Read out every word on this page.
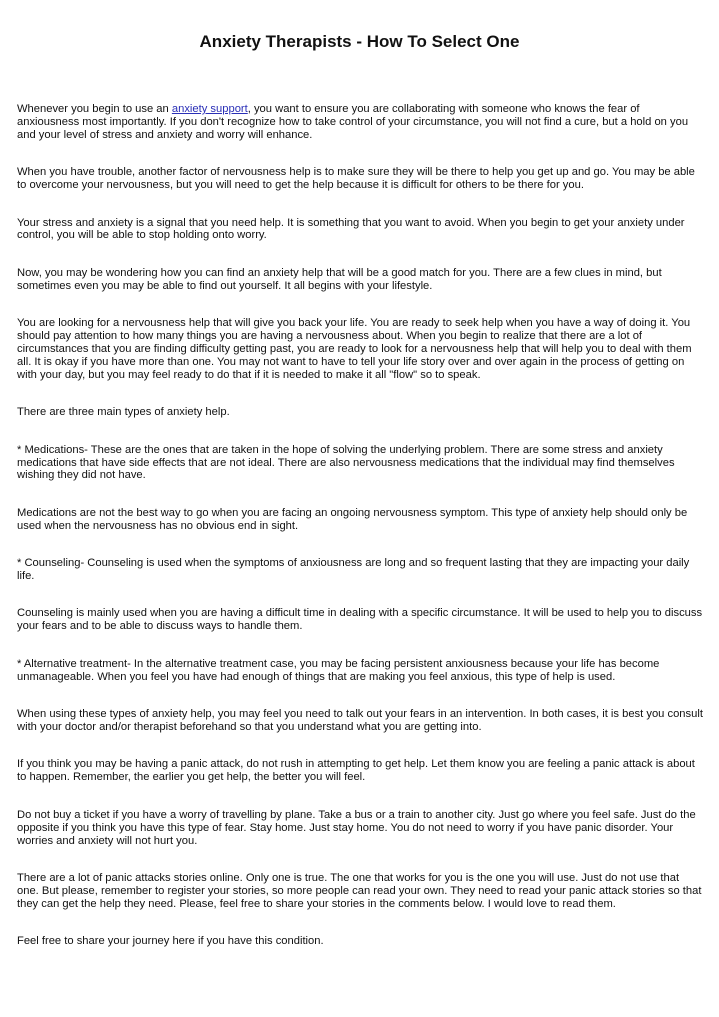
Anxiety Therapists - How To Select One

Whenever you begin to use an anxiety support, you want to ensure you are collaborating with someone who knows the fear of anxiousness most importantly. If you don't recognize how to take control of your circumstance, you will not find a cure, but a hold on you and your level of stress and anxiety and worry will enhance.

When you have trouble, another factor of nervousness help is to make sure they will be there to help you get up and go. You may be able to overcome your nervousness, but you will need to get the help because it is difficult for others to be there for you.

Your stress and anxiety is a signal that you need help. It is something that you want to avoid. When you begin to get your anxiety under control, you will be able to stop holding onto worry.

Now, you may be wondering how you can find an anxiety help that will be a good match for you. There are a few clues in mind, but sometimes even you may be able to find out yourself. It all begins with your lifestyle.

You are looking for a nervousness help that will give you back your life. You are ready to seek help when you have a way of doing it. You should pay attention to how many things you are having a nervousness about. When you begin to realize that there are a lot of circumstances that you are finding difficulty getting past, you are ready to look for a nervousness help that will help you to deal with them all. It is okay if you have more than one. You may not want to have to tell your life story over and over again in the process of getting on with your day, but you may feel ready to do that if it is needed to make it all "flow" so to speak.

There are three main types of anxiety help.

* Medications- These are the ones that are taken in the hope of solving the underlying problem. There are some stress and anxiety medications that have side effects that are not ideal. There are also nervousness medications that the individual may find themselves wishing they did not have.

Medications are not the best way to go when you are facing an ongoing nervousness symptom. This type of anxiety help should only be used when the nervousness has no obvious end in sight.

* Counseling- Counseling is used when the symptoms of anxiousness are long and so frequent lasting that they are impacting your daily life.

Counseling is mainly used when you are having a difficult time in dealing with a specific circumstance. It will be used to help you to discuss your fears and to be able to discuss ways to handle them.

* Alternative treatment- In the alternative treatment case, you may be facing persistent anxiousness because your life has become unmanageable. When you feel you have had enough of things that are making you feel anxious, this type of help is used.

When using these types of anxiety help, you may feel you need to talk out your fears in an intervention. In both cases, it is best you consult with your doctor and/or therapist beforehand so that you understand what you are getting into.

If you think you may be having a panic attack, do not rush in attempting to get help. Let them know you are feeling a panic attack is about to happen. Remember, the earlier you get help, the better you will feel.

Do not buy a ticket if you have a worry of travelling by plane. Take a bus or a train to another city. Just go where you feel safe. Just do the opposite if you think you have this type of fear. Stay home. Just stay home. You do not need to worry if you have panic disorder. Your worries and anxiety will not hurt you.

There are a lot of panic attacks stories online. Only one is true. The one that works for you is the one you will use. Just do not use that one. But please, remember to register your stories, so more people can read your own. They need to read your panic attack stories so that they can get the help they need. Please, feel free to share your stories in the comments below. I would love to read them.

Feel free to share your journey here if you have this condition.
